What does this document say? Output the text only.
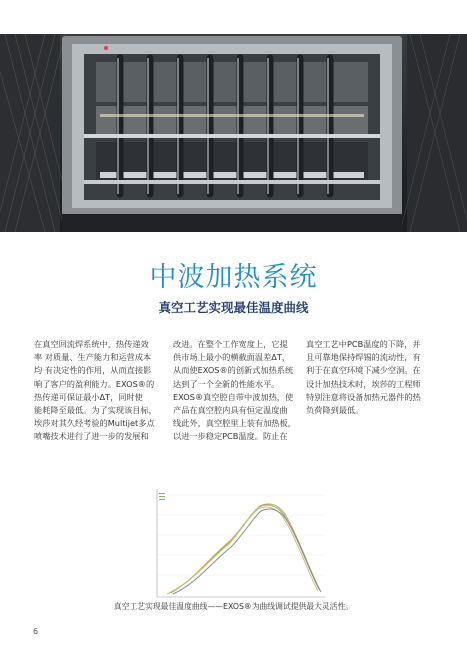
中波加热系统
真空工艺实现最佳温度曲线
在真空回流焊系统中，热传递效
率 对质量、生产能力和运营成本
均 有决定性的作用，从而直接影
响了客户的盈利能力。EXOS®的
热传递可保证最小ΔT，同时使
能耗降至最低。为了实现该目标，
埃莎对其久经考验的Multijet多点
喷嘴技术进行了进一步的发展和
改进。在整个工作宽度上，它提
供市场上最小的横截面温差ΔT，
从而使EXOS®的创新式加热系统
达到了一个全新的性能水平。
EXOS®真空腔自带中波加热，使
产品在真空腔内具有恒定温度曲
线此外，真空腔里上装有加热板，
以进一步稳定PCB温度。防止在
真空工艺中PCB温度的下降，并
且可靠地保持焊锡的流动性，有
利于在真空环境下减少空洞。在
设计加热技术时，埃莎的工程师
特别注意将设备加热元器件的热
负荷降到最低。
真空工艺实现最佳温度曲线——EXOS®为曲线调试提供最大灵活性。
6
